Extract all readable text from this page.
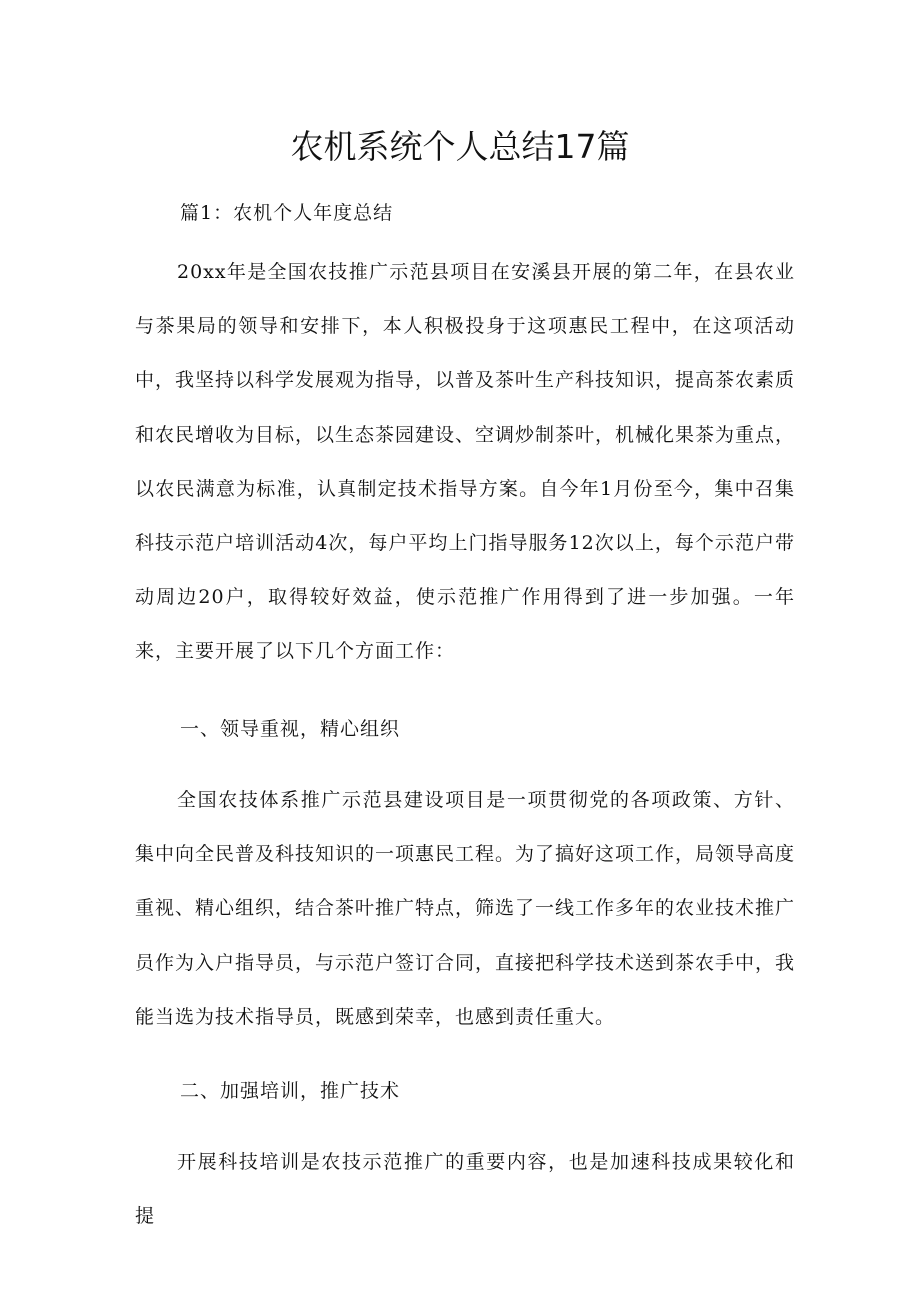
农机系统个人总结17篇

篇1：农机个人年度总结

20xx年是全国农技推广示范县项目在安溪县开展的第二年，在县农业与茶果局的领导和安排下，本人积极投身于这项惠民工程中，在这项活动中，我坚持以科学发展观为指导，以普及茶叶生产科技知识，提高茶农素质和农民增收为目标，以生态茶园建设、空调炒制茶叶，机械化果茶为重点，以农民满意为标准，认真制定技术指导方案。自今年1月份至今，集中召集科技示范户培训活动4次，每户平均上门指导服务12次以上，每个示范户带动周边20户，取得较好效益，使示范推广作用得到了进一步加强。一年来，主要开展了以下几个方面工作：

一、领导重视，精心组织

全国农技体系推广示范县建设项目是一项贯彻党的各项政策、方针、集中向全民普及科技知识的一项惠民工程。为了搞好这项工作，局领导高度重视、精心组织，结合茶叶推广特点，筛选了一线工作多年的农业技术推广员作为入户指导员，与示范户签订合同，直接把科学技术送到茶农手中，我能当选为技术指导员，既感到荣幸，也感到责任重大。

二、加强培训，推广技术

开展科技培训是农技示范推广的重要内容，也是加速科技成果较化和提
